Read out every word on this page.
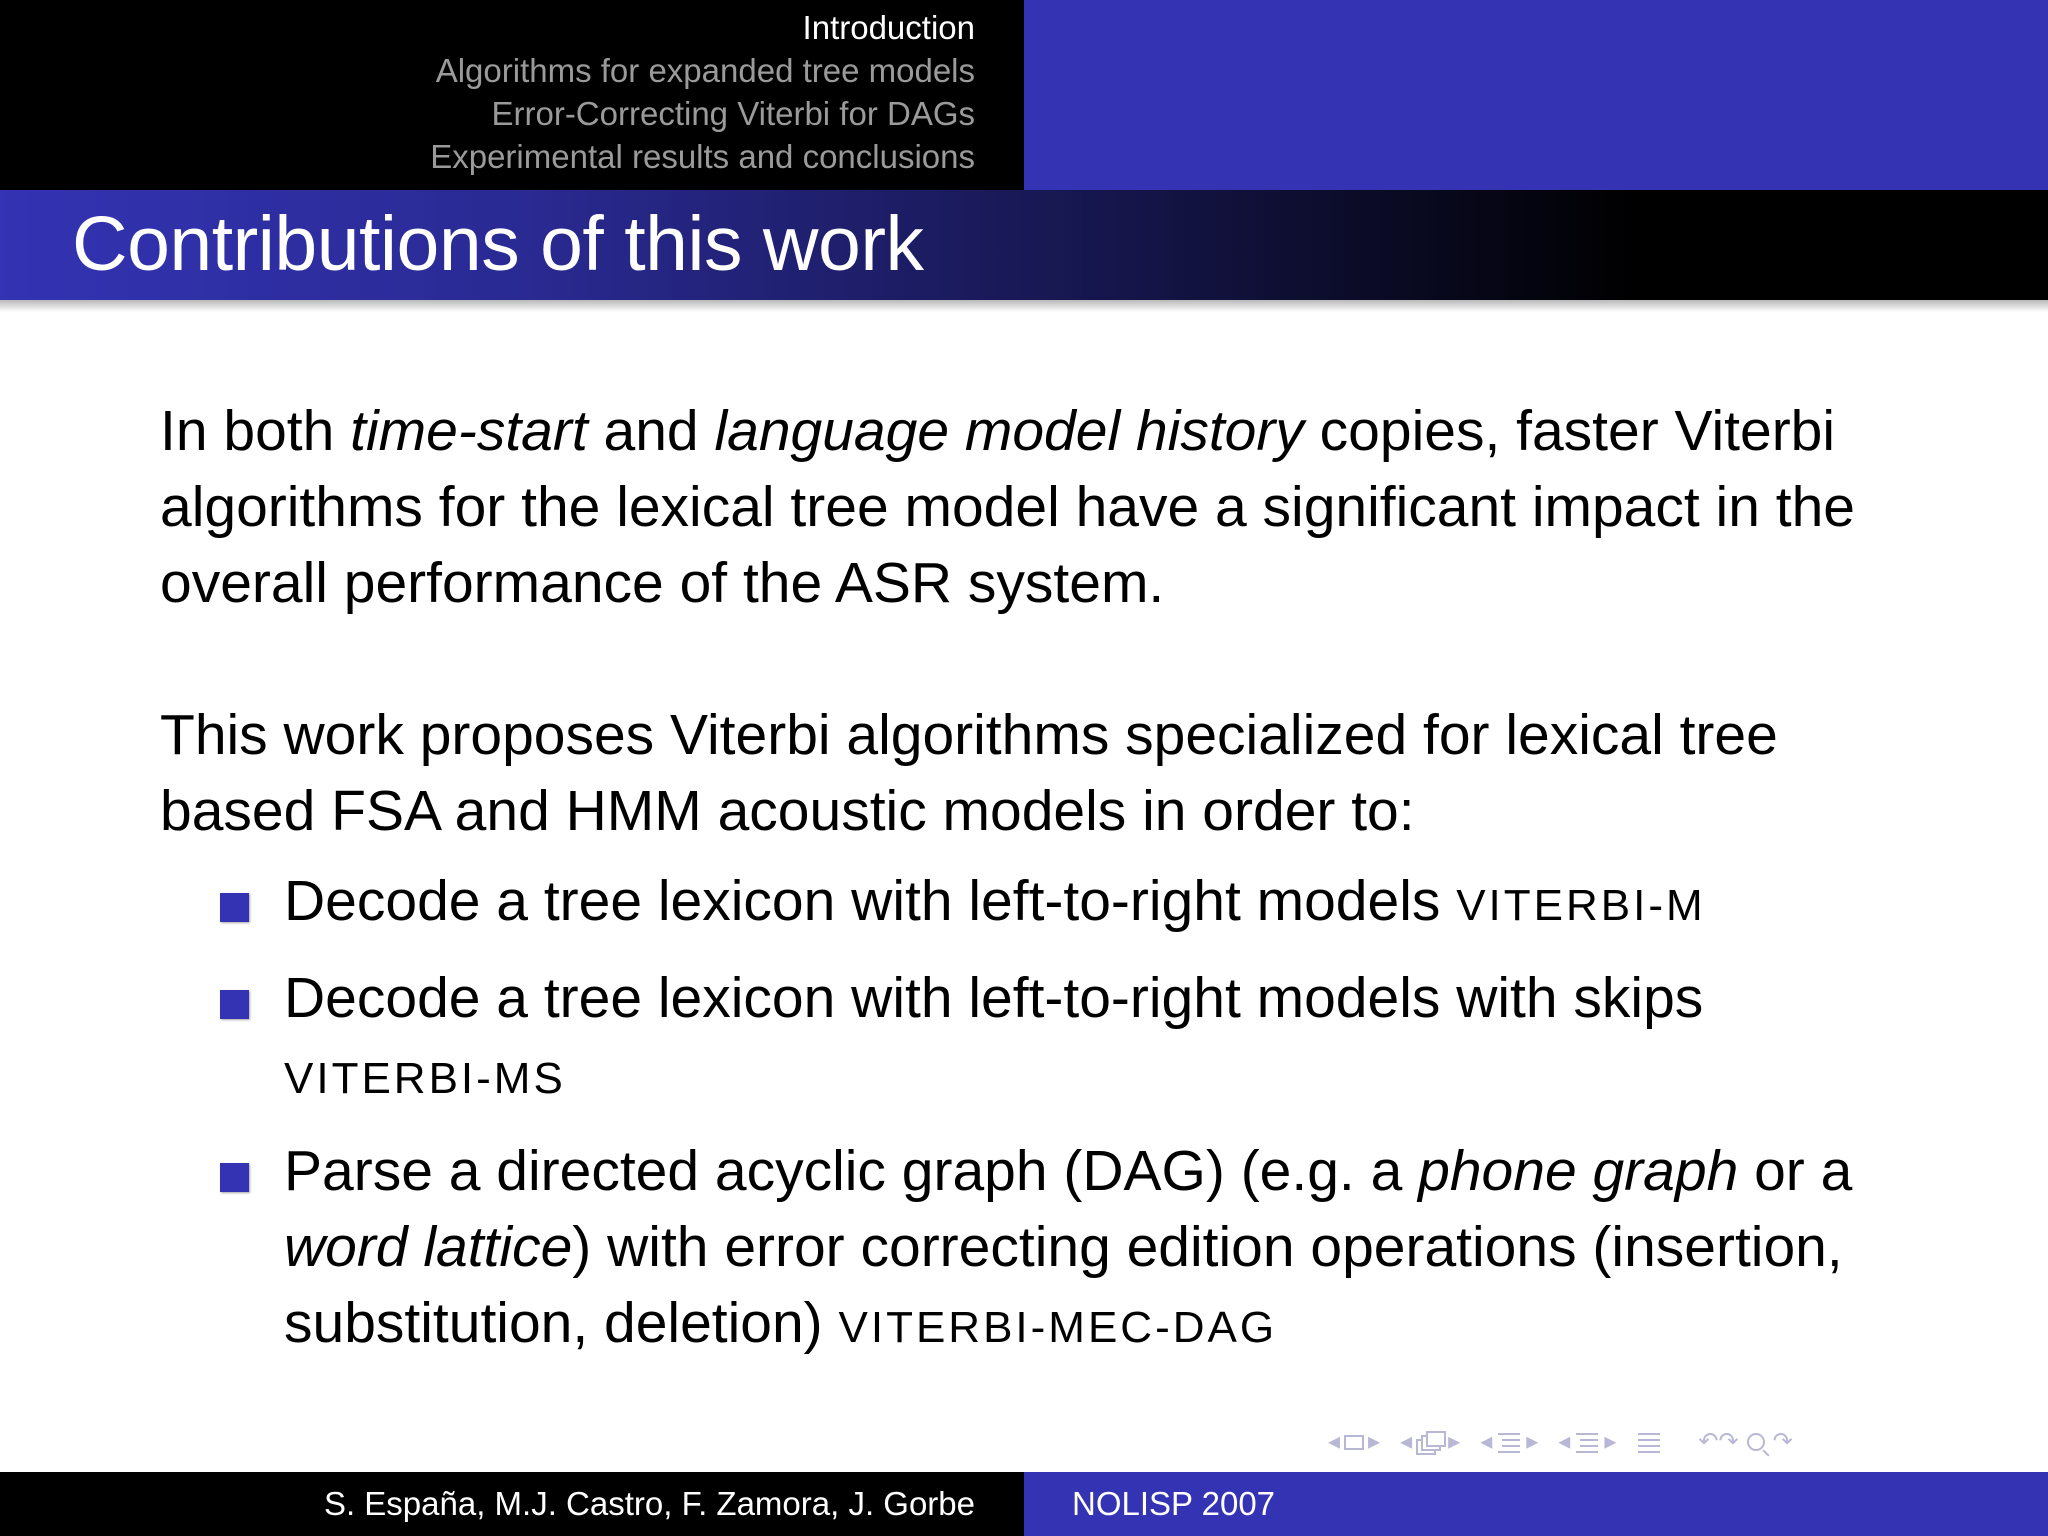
Introduction
Algorithms for expanded tree models
Error-Correcting Viterbi for DAGs
Experimental results and conclusions
Contributions of this work

In both time-start and language model history copies, faster Viterbi algorithms for the lexical tree model have a significant impact in the overall performance of the ASR system.

This work proposes Viterbi algorithms specialized for lexical tree based FSA and HMM acoustic models in order to:

Decode a tree lexicon with left-to-right models VITERBI-M
Decode a tree lexicon with left-to-right models with skips VITERBI-MS
Parse a directed acyclic graph (DAG) (e.g. a phone graph or a word lattice) with error correcting edition operations (insertion, substitution, deletion) VITERBI-MEC-DAG
◂ ▸ ◂ ▸ ◂ ▸ ◂ ▸	↶↷ ↷
S. España, M.J. Castro, F. Zamora, J. Gorbe	NOLISP 2007
